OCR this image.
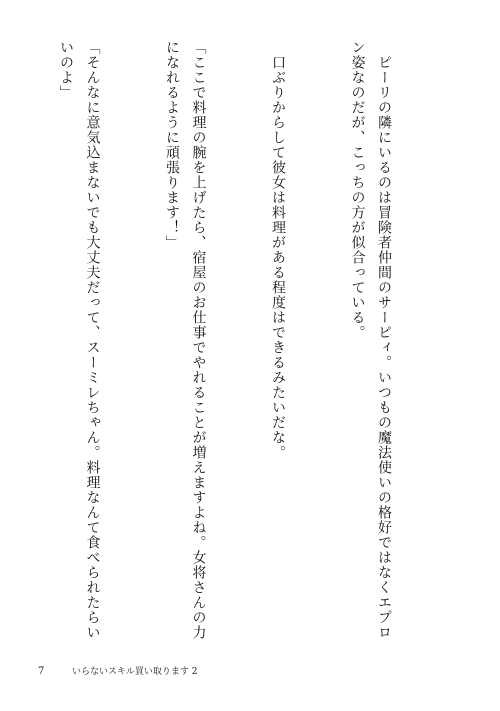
　ピーリの隣にいるのは冒険者仲間のサーピィ。いつもの魔法使いの格好ではなくエプロン姿なのだが、こっちの方が似合っている。

　口ぶりからして彼女は料理がある程度はできるみたいだな。

「ここで料理の腕を上げたら、宿屋のお仕事でやれることが増えますよね。女将さんの力になれるように頑張ります！」

「そんなに意気込まないでも大丈夫だって、スーミレちゃん。料理なんて食べられたらいいのよ」

7	いらないスキル買い取ります 2
